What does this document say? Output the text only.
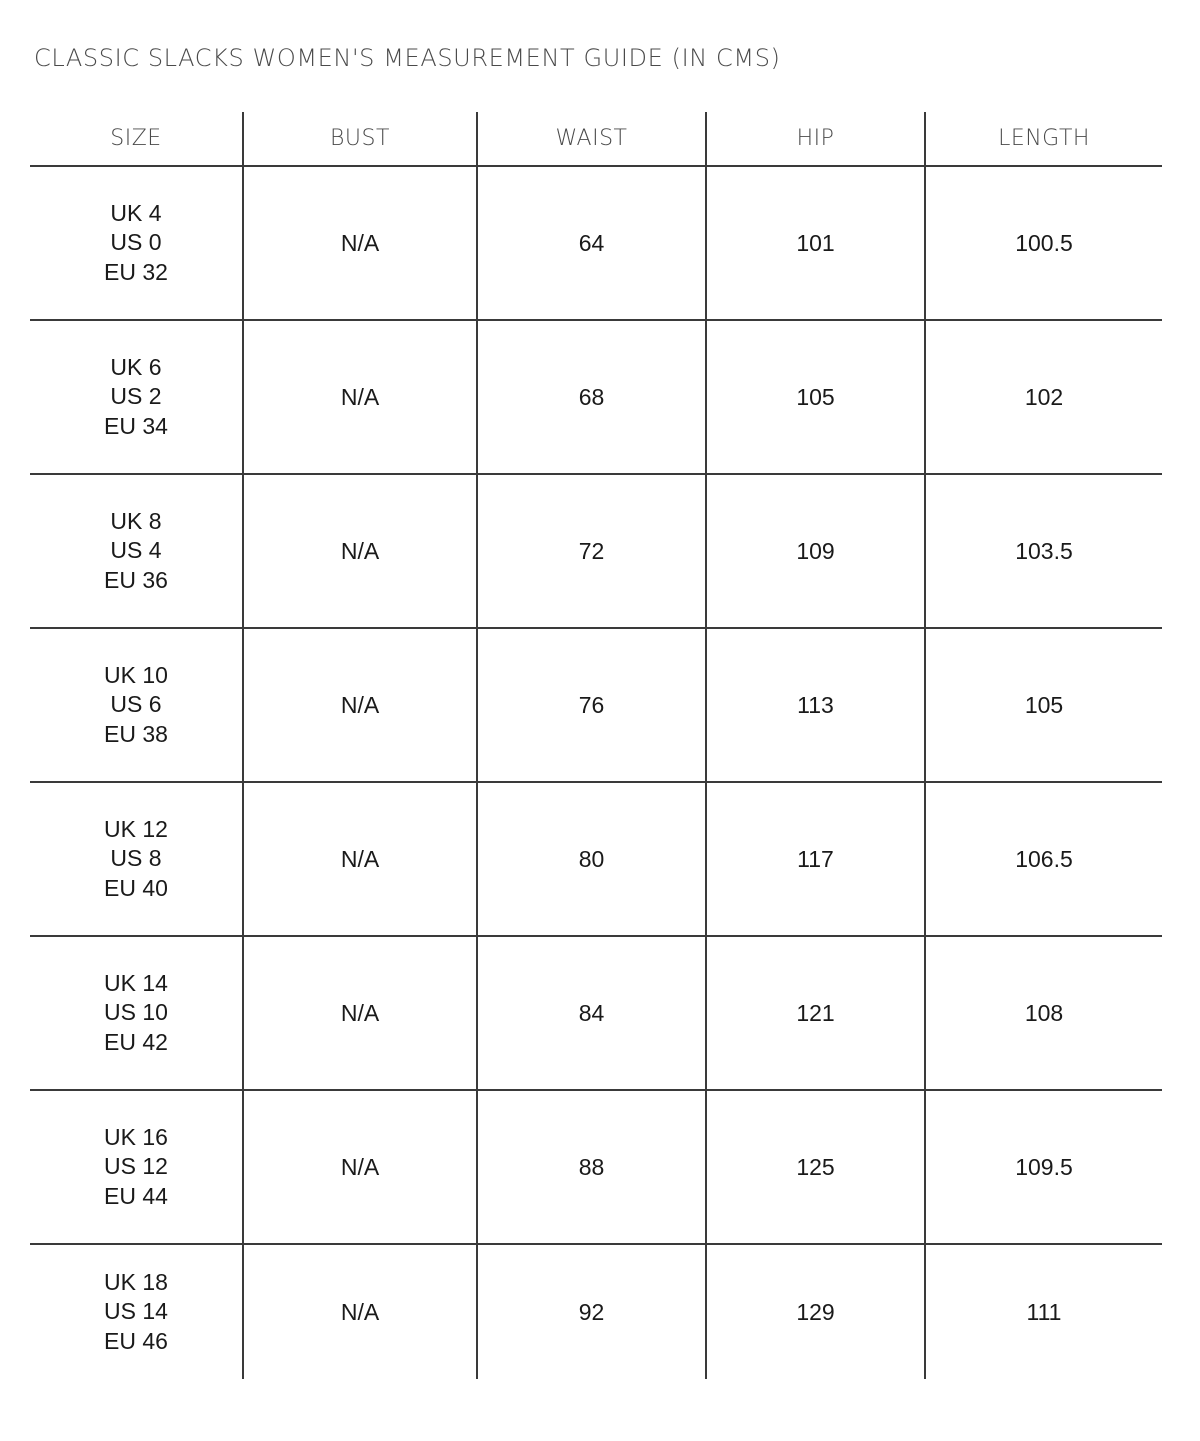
CLASSIC SLACKS WOMEN'S MEASUREMENT GUIDE (IN CMS)
SIZE	BUST	WAIST	HIP	LENGTH

UK 4
US 0
EU 32	N/A	64	101	100.5

UK 6
US 2
EU 34	N/A	68	105	102

UK 8
US 4
EU 36	N/A	72	109	103.5

UK 10
US 6
EU 38	N/A	76	113	105

UK 12
US 8
EU 40	N/A	80	117	106.5

UK 14
US 10
EU 42	N/A	84	121	108

UK 16
US 12
EU 44	N/A	88	125	109.5

UK 18
US 14
EU 46	N/A	92	129	111
